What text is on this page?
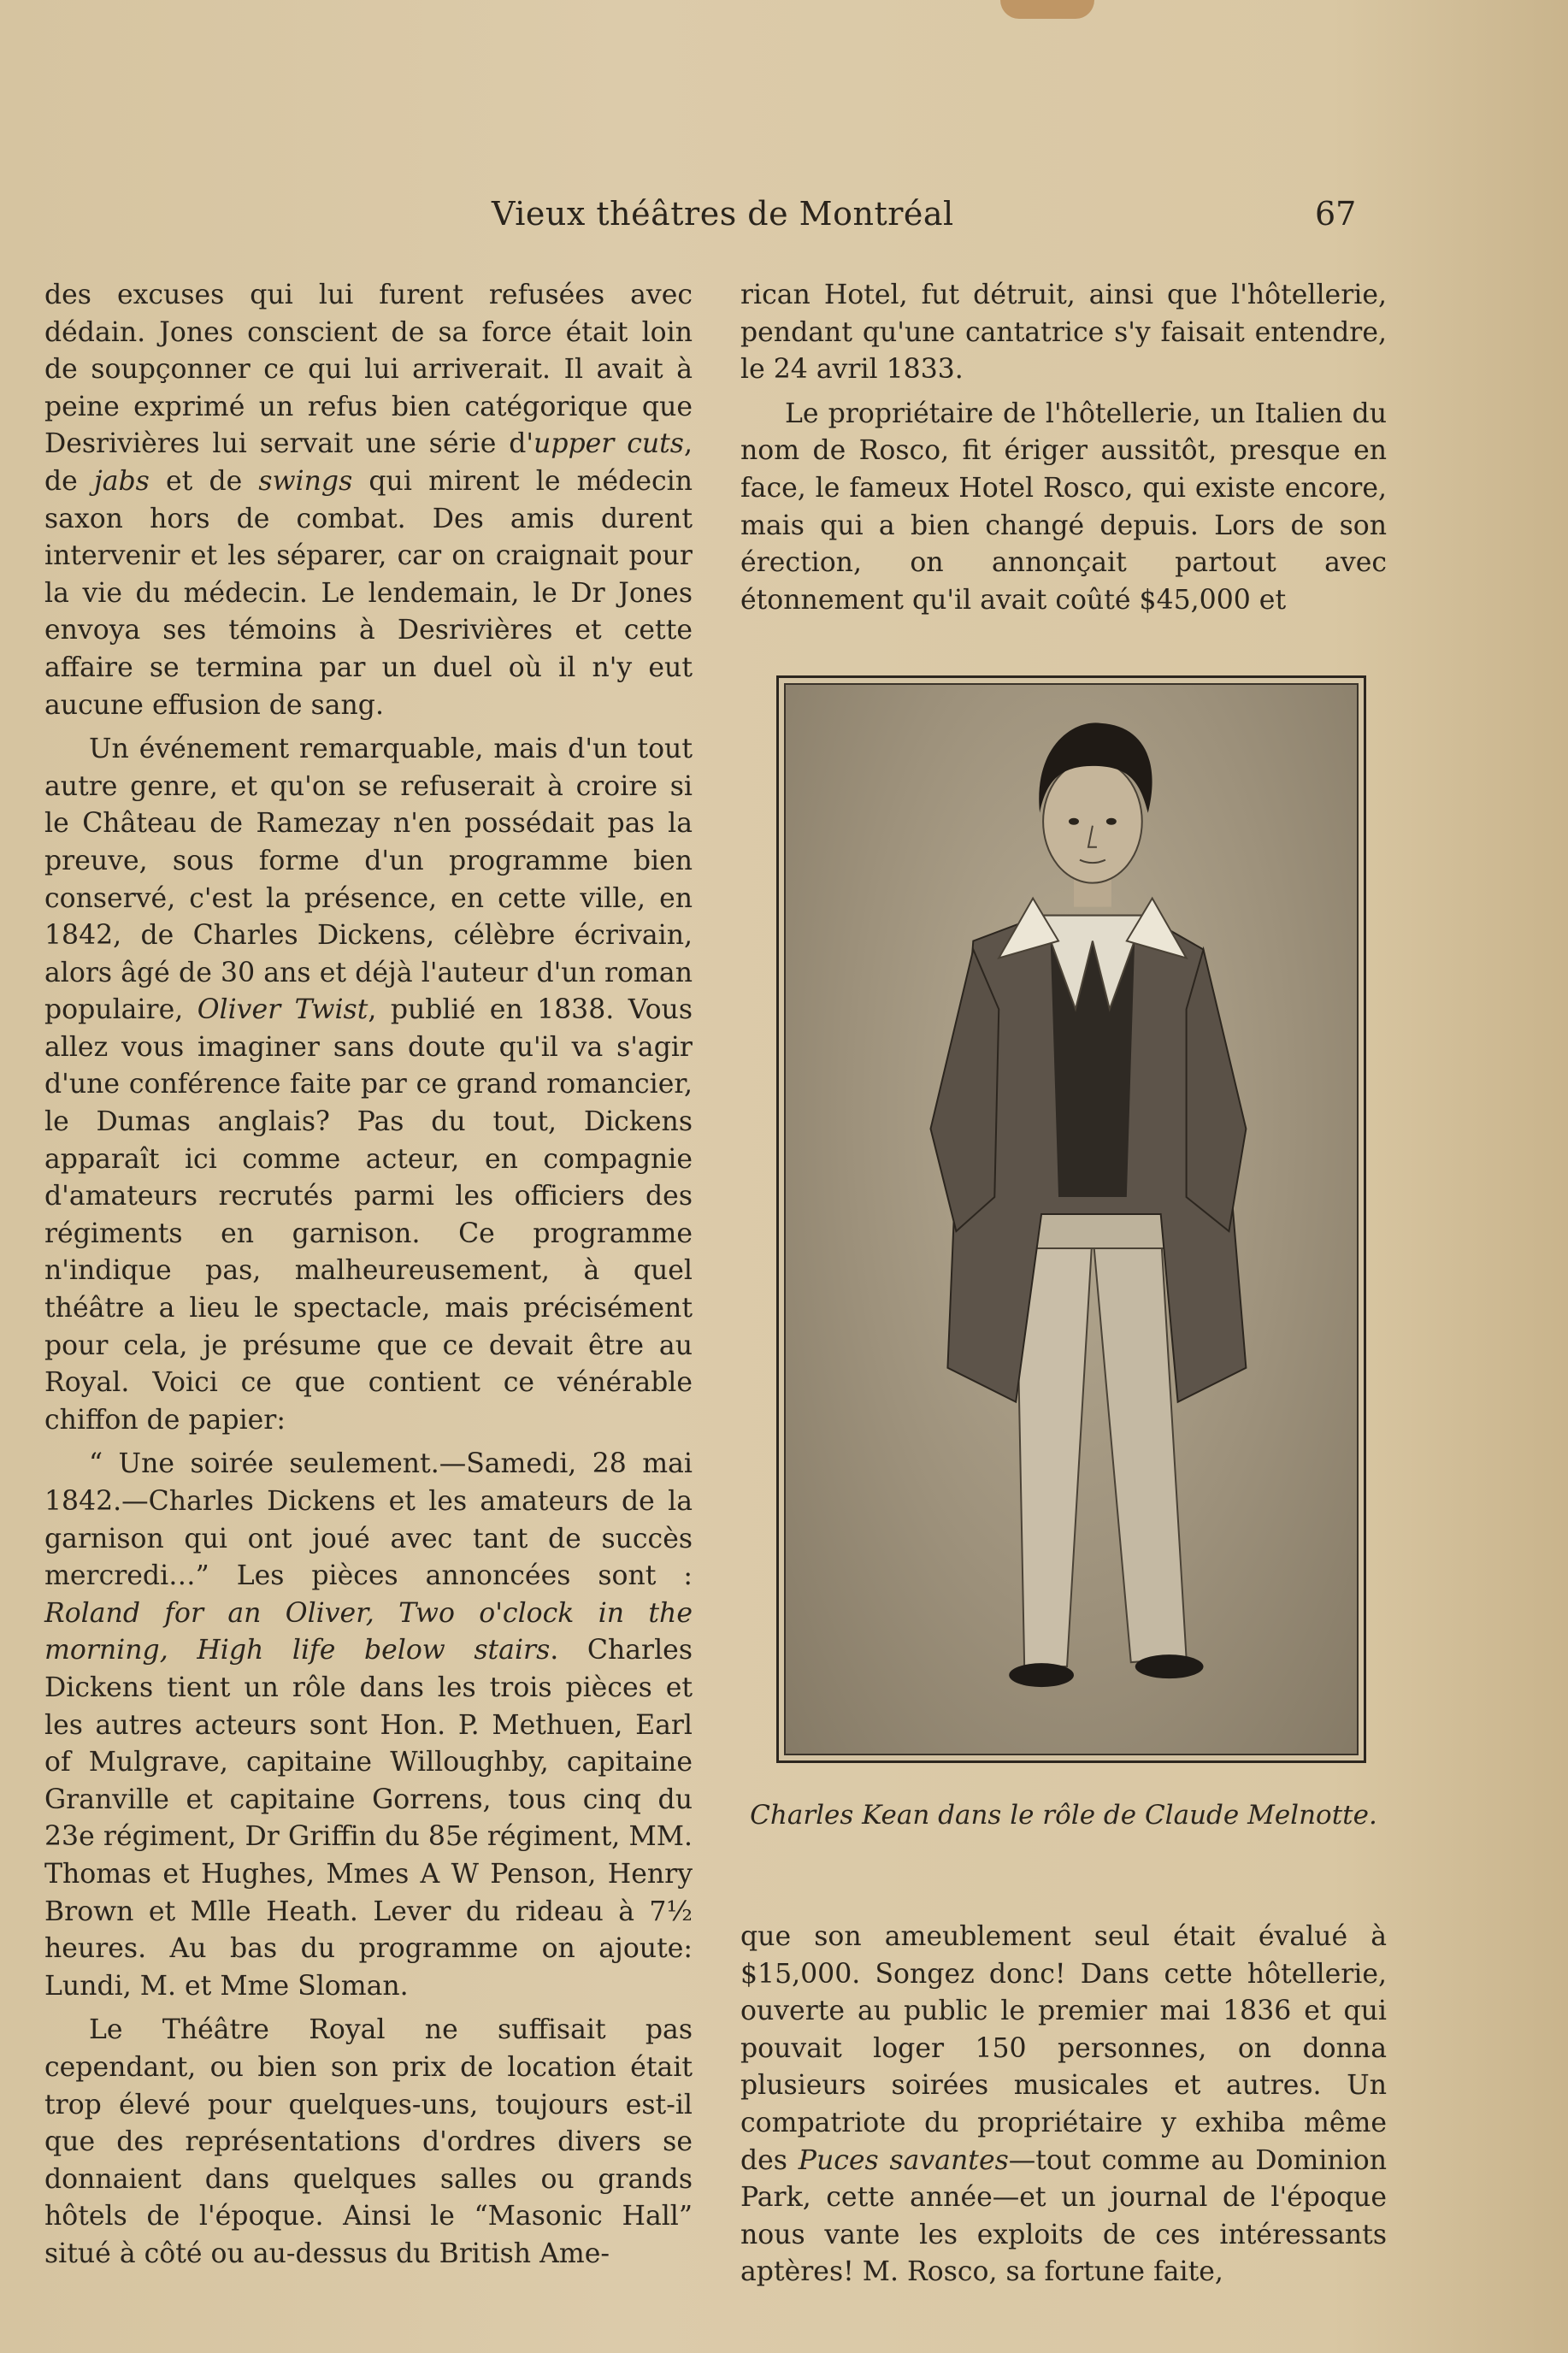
Vieux théâtres de Montréal	67

des excuses qui lui furent refusées avec dédain. Jones conscient de sa force était loin de soupçonner ce qui lui arriverait. Il avait à peine exprimé un refus bien catégorique que Desrivières lui servait une série d'upper cuts, de jabs et de swings qui mirent le médecin saxon hors de combat. Des amis durent intervenir et les séparer, car on craignait pour la vie du médecin. Le lendemain, le Dr Jones envoya ses témoins à Desrivières et cette affaire se termina par un duel où il n'y eut aucune effusion de sang.

Un événement remarquable, mais d'un tout autre genre, et qu'on se refuserait à croire si le Château de Ramezay n'en possédait pas la preuve, sous forme d'un programme bien conservé, c'est la présence, en cette ville, en 1842, de Charles Dickens, célèbre écrivain, alors âgé de 30 ans et déjà l'auteur d'un roman populaire, Oliver Twist, publié en 1838. Vous allez vous imaginer sans doute qu'il va s'agir d'une conférence faite par ce grand romancier, le Dumas anglais? Pas du tout, Dickens apparaît ici comme acteur, en compagnie d'amateurs recrutés parmi les officiers des régiments en garnison. Ce programme n'indique pas, malheureusement, à quel théâtre a lieu le spectacle, mais précisément pour cela, je présume que ce devait être au Royal. Voici ce que contient ce vénérable chiffon de papier:

“ Une soirée seulement.—Samedi, 28 mai 1842.—Charles Dickens et les amateurs de la garnison qui ont joué avec tant de succès mercredi…” Les pièces annoncées sont : Roland for an Oliver, Two o'clock in the morning, High life below stairs. Charles Dickens tient un rôle dans les trois pièces et les autres acteurs sont Hon. P. Methuen, Earl of Mulgrave, capitaine Willoughby, capitaine Granville et capitaine Gorrens, tous cinq du 23e régiment, Dr Griffin du 85e régiment, MM. Thomas et Hughes, Mmes A W Penson, Henry Brown et Mlle Heath. Lever du rideau à 7½ heures. Au bas du programme on ajoute: Lundi, M. et Mme Sloman.

Le Théâtre Royal ne suffisait pas cependant, ou bien son prix de location était trop élevé pour quelques-uns, toujours est-il que des représentations d'ordres divers se donnaient dans quelques salles ou grands hôtels de l'époque. Ainsi le “Masonic Hall” situé à côté ou au-dessus du British Ame-

rican Hotel, fut détruit, ainsi que l'hôtellerie, pendant qu'une cantatrice s'y faisait entendre, le 24 avril 1833.

Le propriétaire de l'hôtellerie, un Italien du nom de Rosco, fit ériger aussitôt, presque en face, le fameux Hotel Rosco, qui existe encore, mais qui a bien changé depuis. Lors de son érection, on annonçait partout avec étonnement qu'il avait coûté $45,000 et

Charles Kean dans le rôle de Claude Melnotte.

que son ameublement seul était évalué à $15,000. Songez donc! Dans cette hôtellerie, ouverte au public le premier mai 1836 et qui pouvait loger 150 personnes, on donna plusieurs soirées musicales et autres. Un compatriote du propriétaire y exhiba même des Puces savantes—tout comme au Dominion Park, cette année—et un journal de l'époque nous vante les exploits de ces intéressants aptères! M. Rosco, sa fortune faite,
